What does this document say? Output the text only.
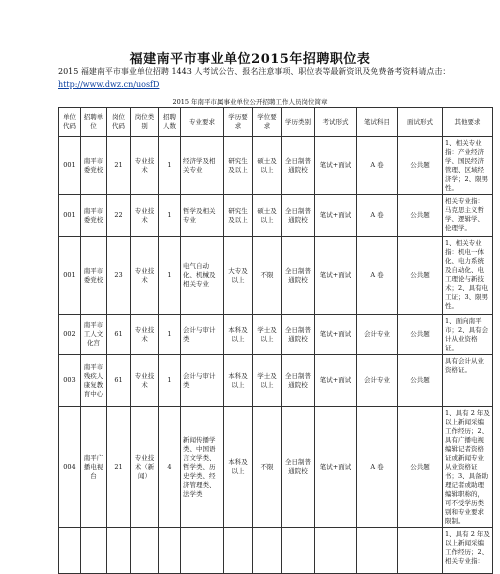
福建南平市事业单位2015年招聘职位表
2015 福建南平市事业单位招聘 1443 人考试公告、报名注意事项、职位表等最新资讯及免费备考资料请点击：
http://www.dwz.cn/uosfD
2015 年南平市属事业单位公开招聘工作人员岗位简章
单位代码	招聘单位	岗位代码	岗位类别	招聘人数	专业要求	学历要求	学位要求	学历类别	考试形式	笔试科目	面试形式	其他要求
001	南平市委党校	21	专业技术	1	经济学及相关专业	研究生及以上	硕士及以上	全日制普通院校	笔试+面试	A 卷	公共题	1、相关专业指：产业经济学、国民经济管理、区域经济学；2、限男性。
001	南平市委党校	22	专业技术	1	哲学及相关专业	研究生及以上	硕士及以上	全日制普通院校	笔试+面试	A 卷	公共题	相关专业指：马克思主义哲学、逻辑学、伦理学。
001	南平市委党校	23	专业技术	1	电气自动化、机械及相关专业	大专及以上	不限	全日制普通院校	笔试+面试	A 卷	公共题	1、相关专业指：机电一体化、电力系统及自动化、电工理论与新技术；2、具有电工证；3、限男性。
002	南平市工人文化宫	61	专业技术	1	会计与审计类	本科及以上	学士及以上	全日制普通院校	笔试+面试	会计专业	公共题	1、面向南平市；2、具有会计从业资格证。
003	南平市残疾人康复教育中心	61	专业技术	1	会计与审计类	本科及以上	学士及以上	全日制普通院校	笔试+面试	会计专业	公共题	具有会计从业资格证。
004	南平广播电视台	21	专业技术（新闻）	4	新闻传播学类、中国语言文学类、哲学类、历史学类、经济管理类、法学类	本科及以上	不限	全日制普通院校	笔试+面试	A 卷	公共题	1、具有 2 年及以上新闻采编工作经历；2、具有广播电视编辑记者资格证或新闻专业从业资格证书；3、具备助理记者或助理编辑职称的，可不受学历类别和专业要求限制。
												1、具有 2 年及以上新闻采编工作经历；2、相关专业指：
